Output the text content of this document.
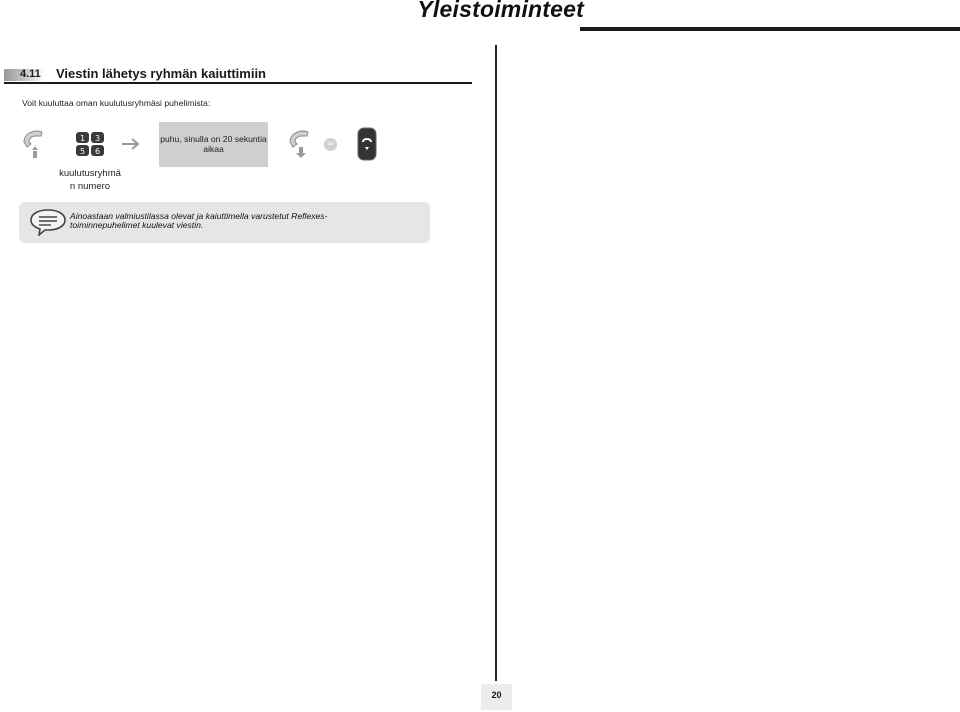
Yleistoiminteet
4.11 Viestin lähetys ryhmän kaiuttimiin
Voit kuuluttaa oman kuulutusryhmäsi puhelimista:
1 3
5 6
puhu, sinulla on 20 sekuntia
aikaa	tai
kuulutusryhmä
n numero
Ainoastaan valmiustilassa olevat ja kaiuttimella varustetut Reflexes-
toiminnepuhelimet kuulevat viestin.
20
